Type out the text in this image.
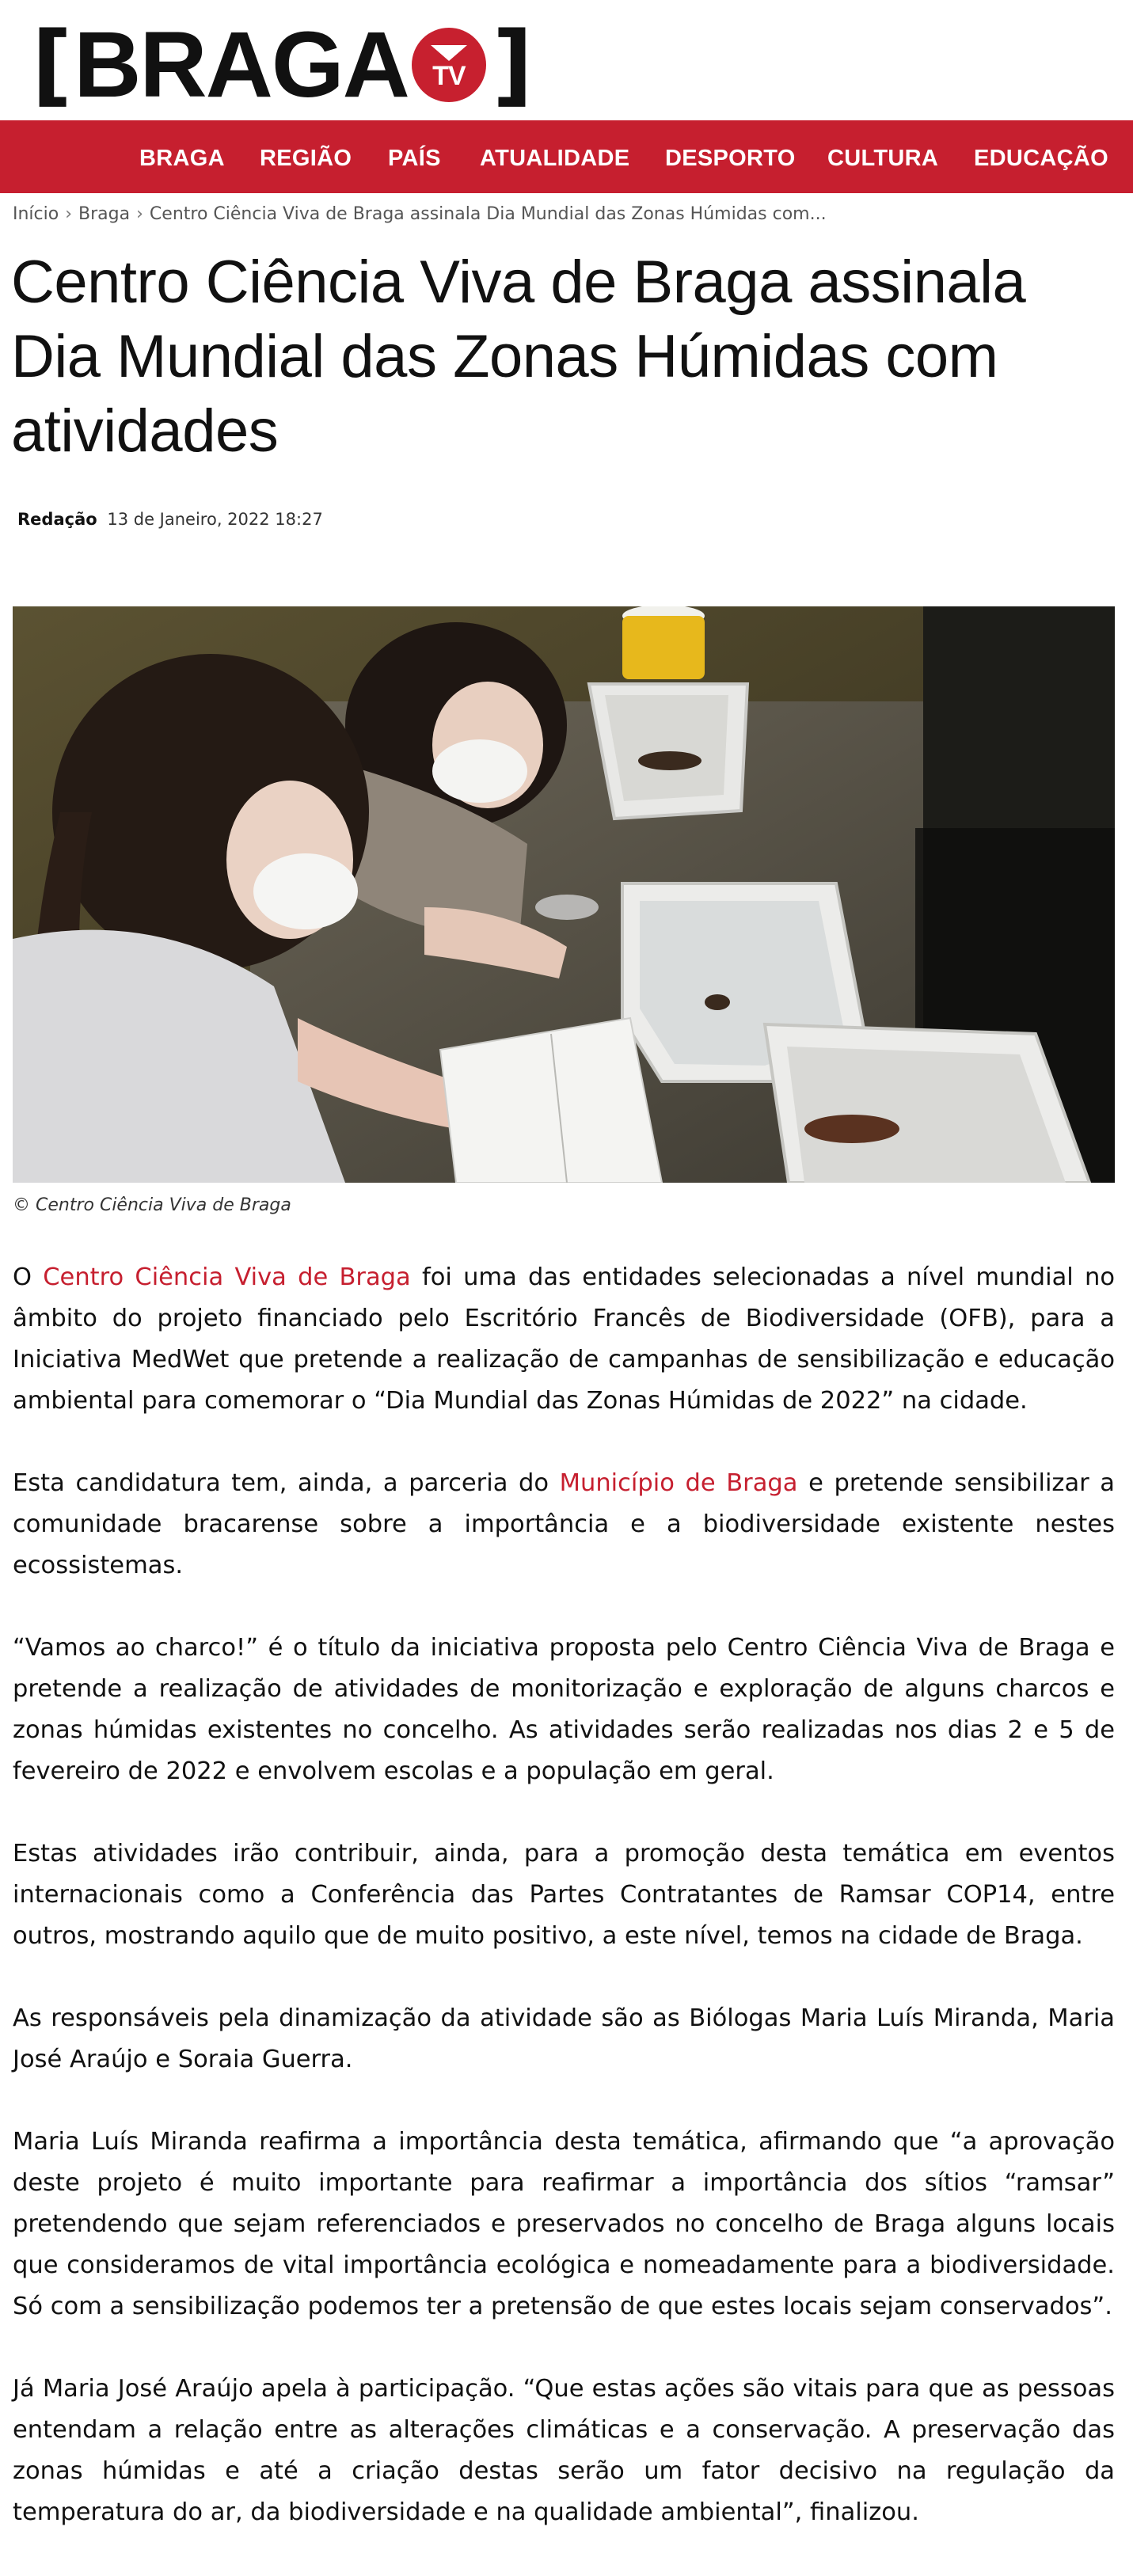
[ BRAGA TV ]
BRAGA REGIÃO PAÍS ATUALIDADE DESPORTO CULTURA EDUCAÇÃO
Início › Braga › Centro Ciência Viva de Braga assinala Dia Mundial das Zonas Húmidas com...
Centro Ciência Viva de Braga assinala Dia Mundial das Zonas Húmidas com atividades
Redação 13 de Janeiro, 2022 18:27
© Centro Ciência Viva de Braga

O Centro Ciência Viva de Braga foi uma das entidades selecionadas a nível mundial no âmbito do projeto financiado pelo Escritório Francês de Biodiversidade (OFB), para a Iniciativa MedWet que pretende a realização de campanhas de sensibilização e educação ambiental para comemorar o “Dia Mundial das Zonas Húmidas de 2022” na cidade.

Esta candidatura tem, ainda, a parceria do Município de Braga e pretende sensibilizar a comunidade bracarense sobre a importância e a biodiversidade existente nestes ecossistemas.

“Vamos ao charco!” é o título da iniciativa proposta pelo Centro Ciência Viva de Braga e pretende a realização de atividades de monitorização e exploração de alguns charcos e zonas húmidas existentes no concelho. As atividades serão realizadas nos dias 2 e 5 de fevereiro de 2022 e envolvem escolas e a população em geral.

Estas atividades irão contribuir, ainda, para a promoção desta temática em eventos internacionais como a Conferência das Partes Contratantes de Ramsar COP14, entre outros, mostrando aquilo que de muito positivo, a este nível, temos na cidade de Braga.

As responsáveis pela dinamização da atividade são as Biólogas Maria Luís Miranda, Maria José Araújo e Soraia Guerra.

Maria Luís Miranda reafirma a importância desta temática, afirmando que “a aprovação deste projeto é muito importante para reafirmar a importância dos sítios “ramsar” pretendendo que sejam referenciados e preservados no concelho de Braga alguns locais que consideramos de vital importância ecológica e nomeadamente para a biodiversidade. Só com a sensibilização podemos ter a pretensão de que estes locais sejam conservados”.

Já Maria José Araújo apela à participação. “Que estas ações são vitais para que as pessoas entendam a relação entre as alterações climáticas e a conservação. A preservação das zonas húmidas e até a criação destas serão um fator decisivo na regulação da temperatura do ar, da biodiversidade e na qualidade ambiental”, finalizou.
